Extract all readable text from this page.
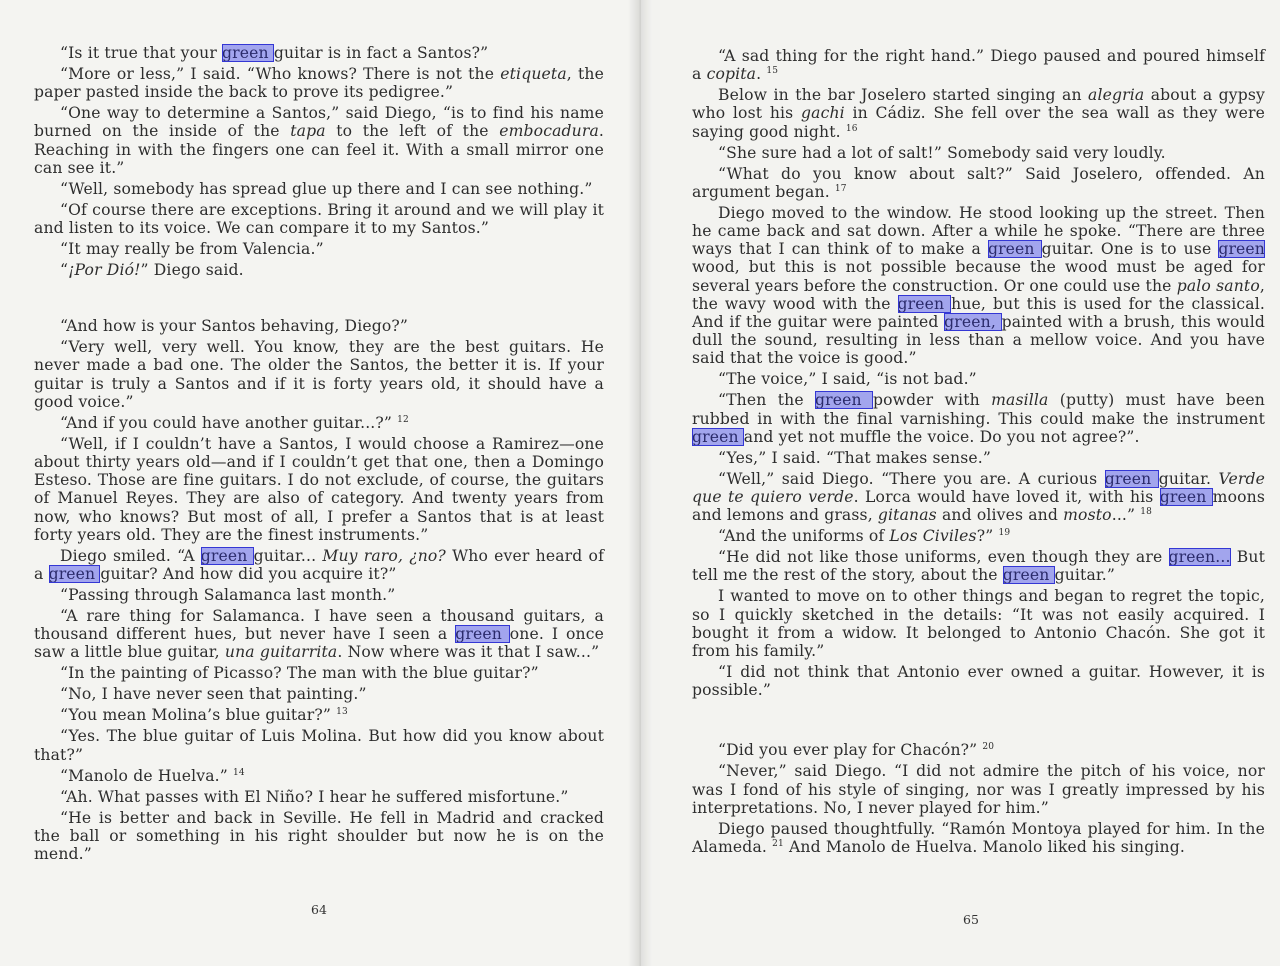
“Is it true that your green guitar is in fact a Santos?”

“More or less,” I said. “Who knows? There is not the etiqueta, the paper pasted inside the back to prove its pedigree.”

“One way to determine a Santos,” said Diego, “is to find his name burned on the inside of the tapa to the left of the embocadura. Reaching in with the fingers one can feel it. With a small mirror one can see it.”

“Well, somebody has spread glue up there and I can see nothing.”

“Of course there are exceptions. Bring it around and we will play it and listen to its voice. We can compare it to my Santos.”

“It may really be from Valencia.”

“¡Por Dió!” Diego said.

“And how is your Santos behaving, Diego?”

“Very well, very well. You know, they are the best guitars. He never made a bad one. The older the Santos, the better it is. If your guitar is truly a Santos and if it is forty years old, it should have a good voice.”

“And if you could have another guitar...?” $^{12}$

“Well, if I couldn’t have a Santos, I would choose a Ramirez—one about thirty years old—and if I couldn’t get that one, then a Domingo Esteso. Those are fine guitars. I do not exclude, of course, the guitars of Manuel Reyes. They are also of category. And twenty years from now, who knows? But most of all, I prefer a Santos that is at least forty years old. They are the finest instruments.”

Diego smiled. “A green guitar... Muy raro, ¿no? Who ever heard of a green guitar? And how did you acquire it?”

“Passing through Salamanca last month.”

“A rare thing for Salamanca. I have seen a thousand guitars, a thousand different hues, but never have I seen a green one. I once saw a little blue guitar, una guitarrita. Now where was it that I saw...”

“In the painting of Picasso? The man with the blue guitar?”

“No, I have never seen that painting.”

“You mean Molina’s blue guitar?” $^{13}$

“Yes. The blue guitar of Luis Molina. But how did you know about that?”

“Manolo de Huelva.” $^{14}$

“Ah. What passes with El Niño? I hear he suffered misfortune.”

“He is better and back in Seville. He fell in Madrid and cracked the ball or something in his right shoulder but now he is on the mend.”

64

“A sad thing for the right hand.” Diego paused and poured himself a copita. $^{15}$

Below in the bar Joselero started singing an alegria about a gypsy who lost his gachi in Cádiz. She fell over the sea wall as they were saying good night. $^{16}$

“She sure had a lot of salt!” Somebody said very loudly.

“What do you know about salt?” Said Joselero, offended. An argument began. $^{17}$

Diego moved to the window. He stood looking up the street. Then he came back and sat down. After a while he spoke. “There are three ways that I can think of to make a green guitar. One is to use green wood, but this is not possible because the wood must be aged for several years before the construction. Or one could use the palo santo, the wavy wood with the green hue, but this is used for the classical. And if the guitar were painted green, painted with a brush, this would dull the sound, resulting in less than a mellow voice. And you have said that the voice is good.”

“The voice,” I said, “is not bad.”

“Then the green powder with masilla (putty) must have been rubbed in with the final varnishing. This could make the instrument green and yet not muffle the voice. Do you not agree?”.

“Yes,” I said. “That makes sense.”

“Well,” said Diego. “There you are. A curious green guitar. Verde que te quiero verde. Lorca would have loved it, with his green moons and lemons and grass, gitanas and olives and mosto...” $^{18}$

“And the uniforms of Los Civiles?” $^{19}$

“He did not like those uniforms, even though they are green... But tell me the rest of the story, about the green guitar.”

I wanted to move on to other things and began to regret the topic, so I quickly sketched in the details: “It was not easily acquired. I bought it from a widow. It belonged to Antonio Chacón. She got it from his family.”

“I did not think that Antonio ever owned a guitar. However, it is possible.”

“Did you ever play for Chacón?” $^{20}$

“Never,” said Diego. “I did not admire the pitch of his voice, nor was I fond of his style of singing, nor was I greatly impressed by his interpretations. No, I never played for him.”

Diego paused thoughtfully. “Ramón Montoya played for him. In the Alameda. $^{21}$ And Manolo de Huelva. Manolo liked his singing.

65
